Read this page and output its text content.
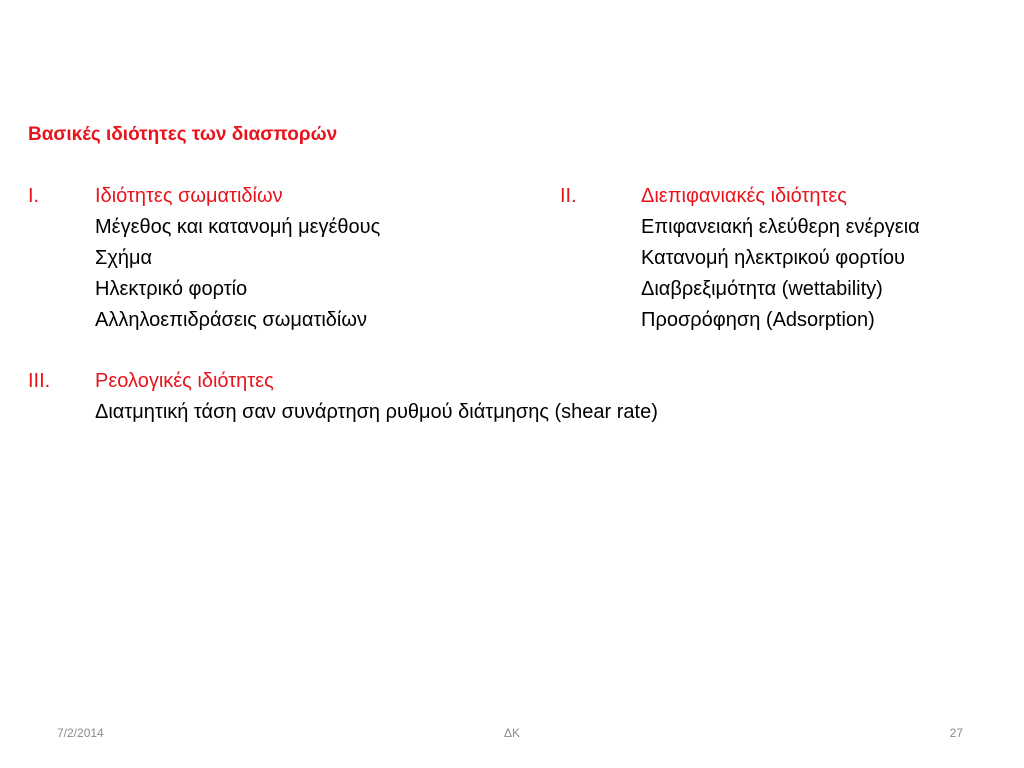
Βασικές ιδιότητες των διασπορών
I.	Ιδιότητες σωματιδίων
Μέγεθος και κατανομή μεγέθους
Σχήμα
Ηλεκτρικό φορτίο
Αλληλοεπιδράσεις σωματιδίων
II.	Διεπιφανιακές ιδιότητες
Επιφανειακή ελεύθερη ενέργεια
Κατανομή ηλεκτρικού φορτίου
Διαβρεξιμότητα (wettability)
Προσρόφηση (Adsorption)
III. Ρεολογικές ιδιότητες
Διατμητική τάση σαν συνάρτηση ρυθμού διάτμησης (shear rate)
7/2/2014	ΔΚ	27
